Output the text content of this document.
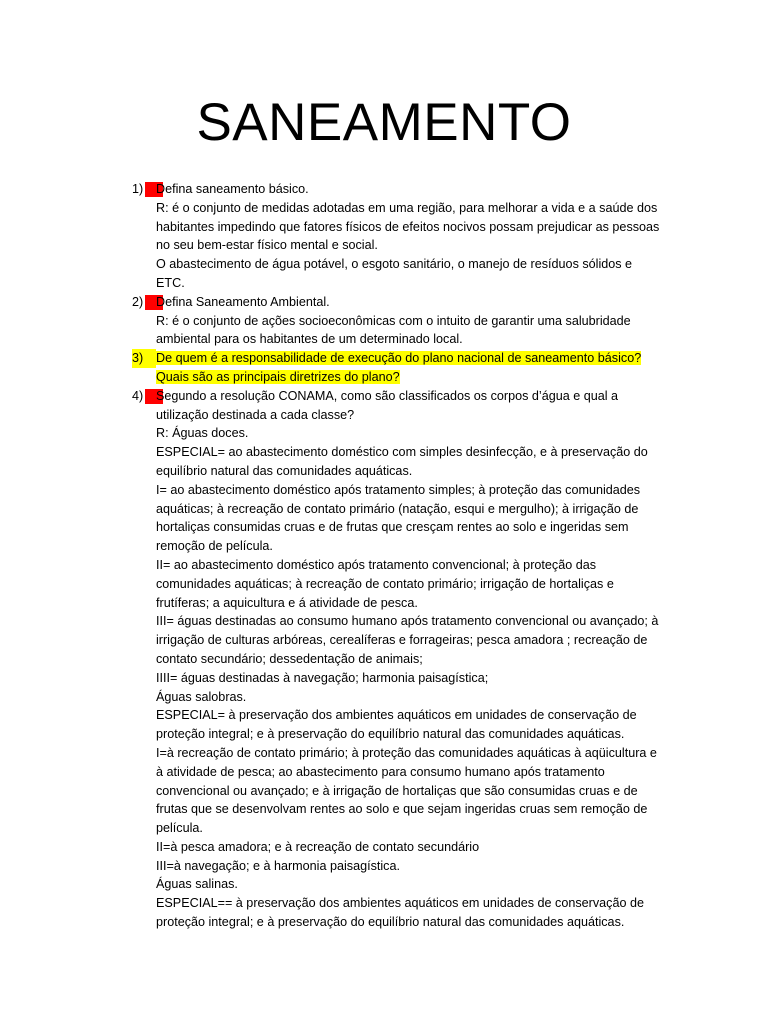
SANEAMENTO
1)	Defina saneamento básico.

R: é o conjunto de medidas adotadas em uma região, para melhorar a vida e a saúde dos habitantes impedindo que fatores físicos de efeitos nocivos possam prejudicar as pessoas no seu bem-estar físico mental e social.

O abastecimento de água potável, o esgoto sanitário, o manejo de resíduos sólidos e ETC.

2)	Defina Saneamento Ambiental.

R: é o conjunto de ações socioeconômicas com o intuito de garantir uma salubridade ambiental para os habitantes de um determinado local.

3)	De quem é a responsabilidade de execução do plano nacional de saneamento básico?

Quais são as principais diretrizes do plano?

4)	Segundo a resolução CONAMA, como são classificados os corpos d’água e qual a utilização destinada a cada classe?

R: Águas doces.

ESPECIAL= ao abastecimento doméstico com simples desinfecção, e à preservação do equilíbrio natural das comunidades aquáticas.

I= ao abastecimento doméstico após tratamento simples; à proteção das comunidades aquáticas; à recreação de contato primário (natação, esqui e mergulho); à irrigação de hortaliças consumidas cruas e de frutas que cresçam rentes ao solo e ingeridas sem remoção de película.

II= ao abastecimento doméstico após tratamento convencional; à proteção das comunidades aquáticas; à recreação de contato primário; irrigação de hortaliças e frutíferas; a aquicultura e á atividade de pesca.

III= águas destinadas ao consumo humano após tratamento convencional ou avançado; à irrigação de culturas arbóreas, cerealíferas e forrageiras; pesca amadora ; recreação de contato secundário; dessedentação de animais;

IIII= águas destinadas à navegação; harmonia paisagística;

Águas salobras.

ESPECIAL= à preservação dos ambientes aquáticos em unidades de conservação de proteção integral; e à preservação do equilíbrio natural das comunidades aquáticas.

I=à recreação de contato primário; à proteção das comunidades aquáticas à aqüicultura e à atividade de pesca; ao abastecimento para consumo humano após tratamento convencional ou avançado; e à irrigação de hortaliças que são consumidas cruas e de frutas que se desenvolvam rentes ao solo e que sejam ingeridas cruas sem remoção de película.

II=à pesca amadora; e à recreação de contato secundário

III=à navegação; e à harmonia paisagística.

Águas salinas.

ESPECIAL== à preservação dos ambientes aquáticos em unidades de conservação de proteção integral; e à preservação do equilíbrio natural das comunidades aquáticas.
